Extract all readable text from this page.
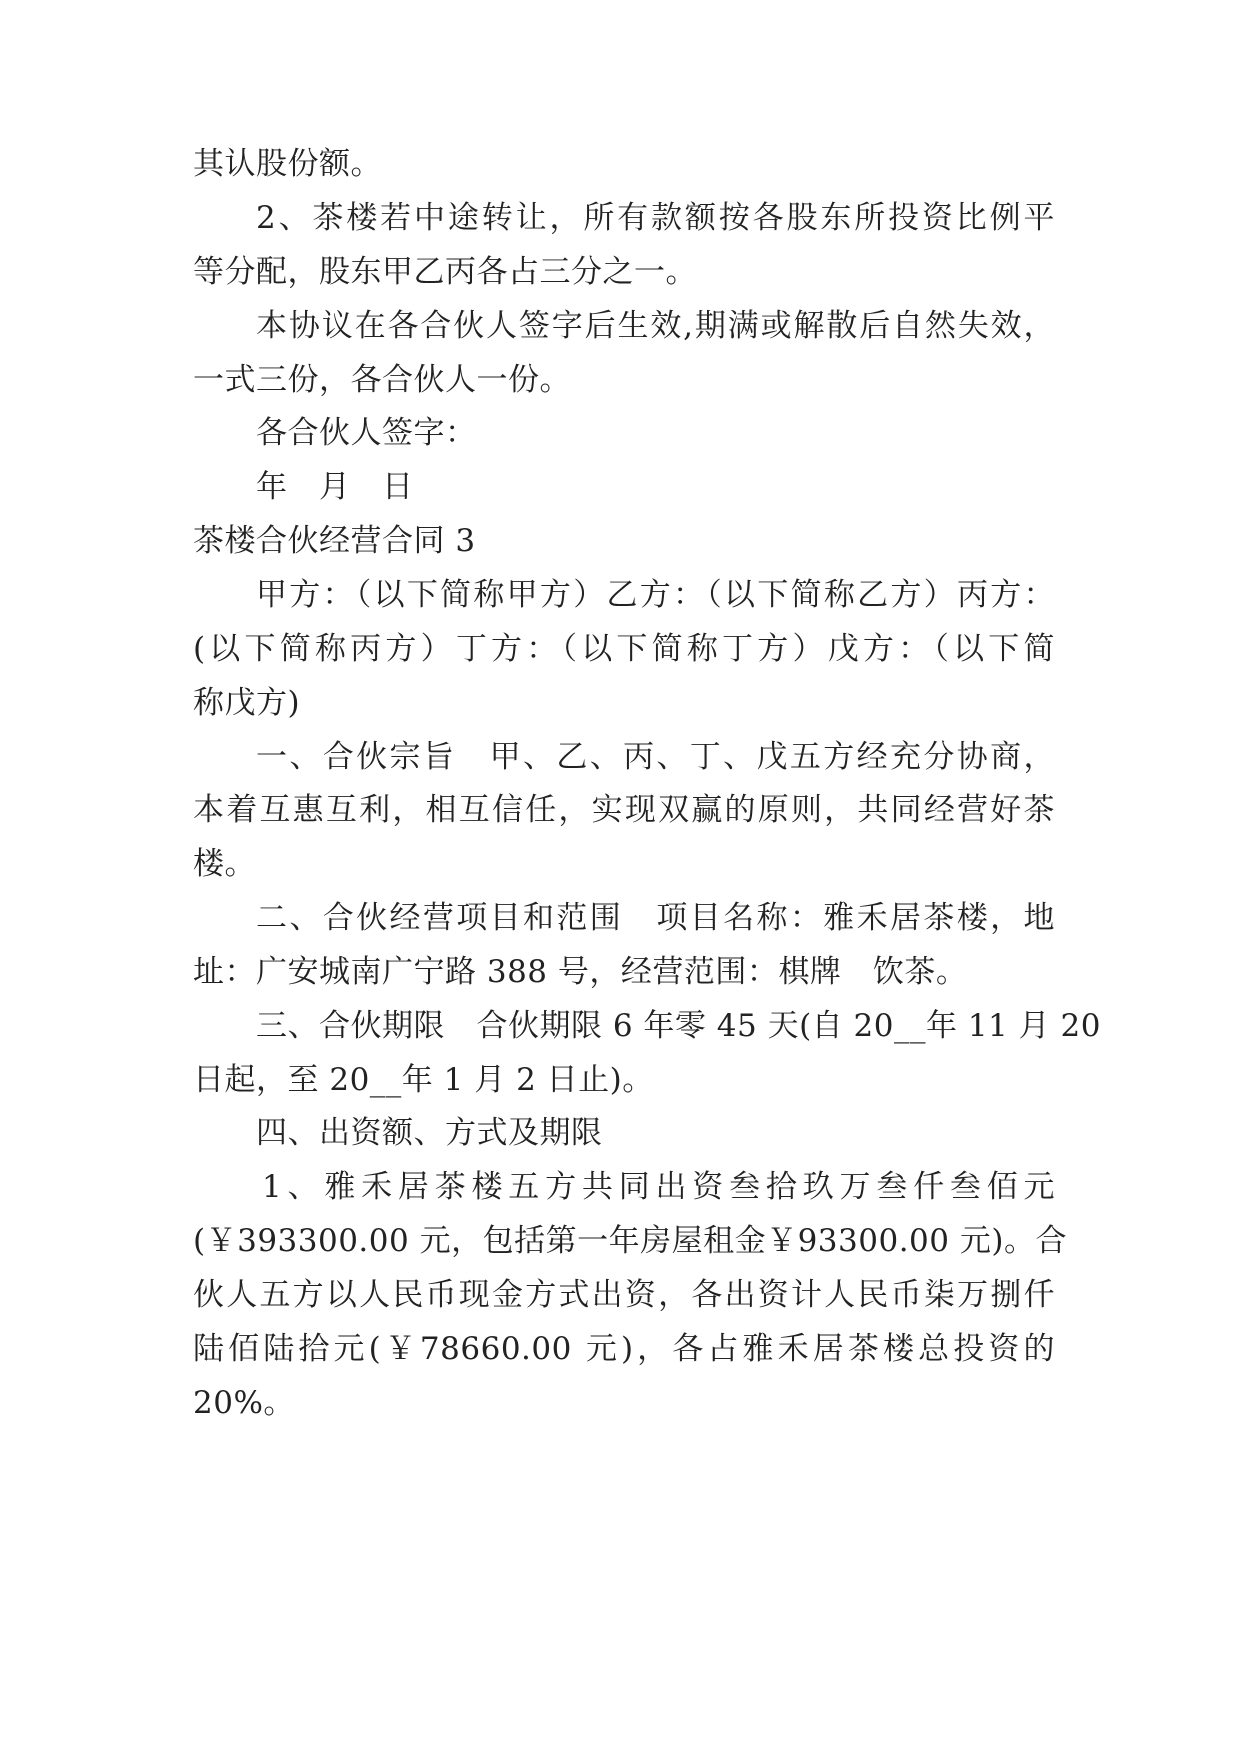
其认股份额。
2、茶楼若中途转让，所有款额按各股东所投资比例平
等分配，股东甲乙丙各占三分之一。
本协议在各合伙人签字后生效,期满或解散后自然失效，
一式三份，各合伙人一份。
各合伙人签字：
年　月　日
茶楼合伙经营合同 3
甲方：（以下简称甲方）乙方：（以下简称乙方）丙方：
(以下简称丙方）丁方：（以下简称丁方）戊方：（以下简
称戊方)
一、合伙宗旨　甲、乙、丙、丁、戊五方经充分协商，
本着互惠互利，相互信任，实现双赢的原则，共同经营好茶
楼。
二、合伙经营项目和范围　项目名称：雅禾居茶楼，地
址：广安城南广宁路 388 号，经营范围：棋牌　饮茶。
三、合伙期限　合伙期限 6 年零 45 天(自 20__年 11 月 20
日起，至 20__年 1 月 2 日止)。
四、出资额、方式及期限
1、雅禾居茶楼五方共同出资叁拾玖万叁仟叁佰元
(￥393300.00 元，包括第一年房屋租金￥93300.00 元)。合
伙人五方以人民币现金方式出资，各出资计人民币柒万捌仟
陆佰陆拾元(￥78660.00 元)，各占雅禾居茶楼总投资的
20%。
